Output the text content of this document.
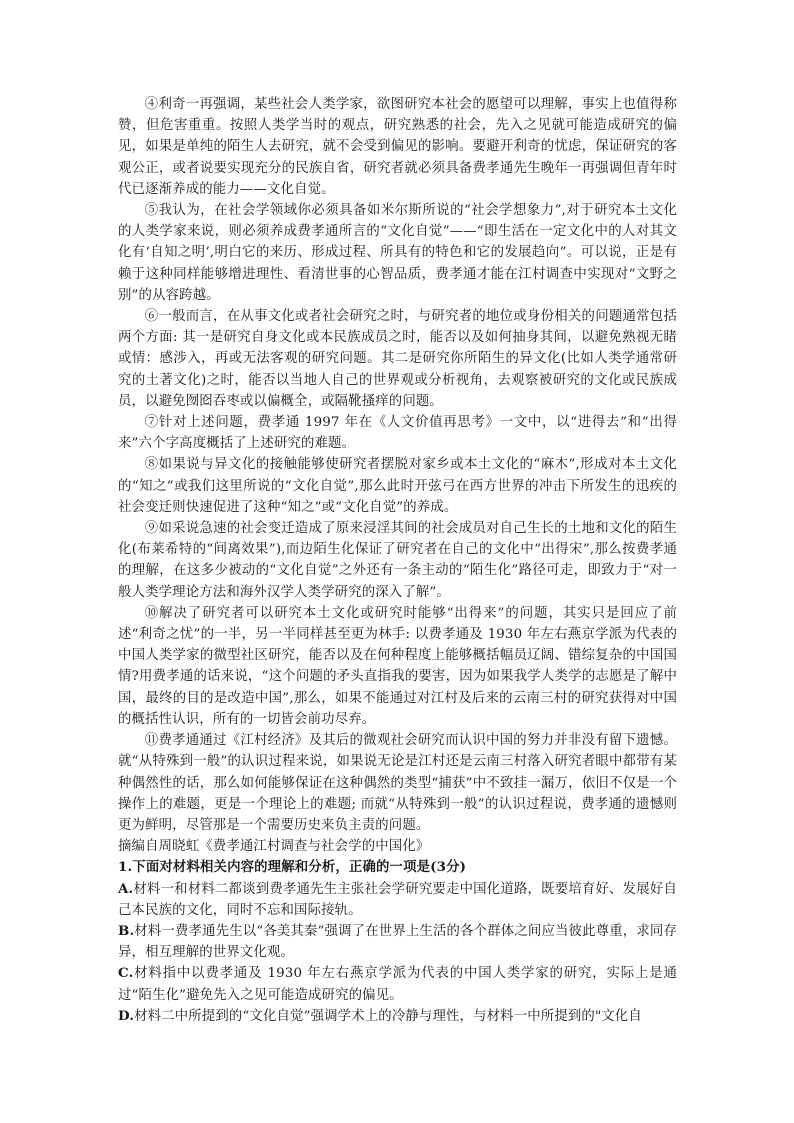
④利奇一再强调，某些社会人类学家，欲图研究本社会的愿望可以理解，事实上也值得称赞，但危害重重。按照人类学当时的观点，研究熟悉的社会，先入之见就可能造成研究的偏见，如果是单纯的陌生人去研究，就不会受到偏见的影响。要避开利奇的忧虑，保证研究的客观公正，或者说要实现充分的民族自省，研究者就必须具备费孝通先生晚年一再强调但青年时代已逐渐养成的能力——文化自觉。

⑤我认为，在社会学领域你必须具备如米尔斯所说的“社会学想象力”,对于研究本土文化的人类学家来说，则必须养成费孝通所言的“文化自觉”——“即生活在一定文化中的人对其文化有‘自知之明’,明白它的来历、形成过程、所具有的特色和它的发展趋向”。可以说，正是有赖于这种同样能够增进理性、看清世事的心智品质，费孝通才能在江村调查中实现对“文野之别”的从容跨越。

⑥一般而言，在从事文化或者社会研究之时，与研究者的地位或身份相关的问题通常包括两个方面: 其一是研究自身文化或本民族成员之时，能否以及如何抽身其间，以避免熟视无睹或情：感涉入，再或无法客观的研究问题。其二是研究你所陌生的异文化(比如人类学通常研究的土著文化)之时，能否以当地人自己的世界观或分析视角，去观察被研究的文化或民族成员，以避免囫囵吞枣或以偏概全，或隔靴搔痒的问题。

⑦针对上述问题，费孝通 1997 年在《人文价值再思考》一文中，以“进得去”和“出得来”六个字高度概括了上述研究的难题。

⑧如果说与异文化的接触能够使研究者摆脱对家乡或本土文化的“麻木”,形成对本土文化的“知之”或我们这里所说的“文化自觉”,那么此时开弦弓在西方世界的冲击下所发生的迅疾的社会变迁则快速促进了这种“知之”或“文化自觉”的养成。

⑨如采说急速的社会变迁造成了原来浸淫其间的社会成员对自己生长的土地和文化的陌生化(布莱希特的“间离效果”),而边陌生化保证了研究者在自己的文化中“出得宋”,那么按费孝通的理解，在这多少被动的“文化自觉”之外还有一条主动的“陌生化”路径可走，即致力于“对一般人类学理论方法和海外汉学人类学研究的深入了解”。

⑩解决了研究者可以研究本土文化或研究时能够“出得来”的问题，其实只是回应了前述“利奇之忧”的一半，另一半同样甚至更为林手: 以费孝通及 1930 年左右燕京学派为代表的中国人类学家的微型社区研究，能否以及在何种程度上能够概括幅员辽阔、错综复杂的中国国情?用费孝通的话来说，“这个问题的矛头直指我的要害，因为如果我学人类学的志愿是了解中国，最终的目的是改造中国”,那么，如果不能通过对江村及后来的云南三村的研究获得对中国的概括性认识，所有的一切皆会前功尽弃。

⑪费孝通通过《江村经济》及其后的微观社会研究而认识中国的努力并非没有留下遗憾。就“从特殊到一般”的认识过程来说，如果说无论是江村还是云南三村落入研究者眼中都带有某种偶然性的话，那么如何能够保证在这种偶然的类型“捕获”中不致挂一漏万，依旧不仅是一个操作上的难题，更是一个理论上的难题; 而就“从特殊到一般”的认识过程说，费孝通的遗憾则更为鲜明，尽管那是一个需要历史来负主责的问题。

摘编自周晓虹《费孝通江村调查与社会学的中国化》

1.下面对材料相关内容的理解和分析，正确的一项是(3分)

A.材料一和材料二都谈到费孝通先生主张社会学研究要走中国化道路，既要培育好、发展好自己本民族的文化，同时不忘和国际接轨。

B.材料一费孝通先生以“各美其秦”强调了在世界上生活的各个群体之间应当彼此尊重，求同存异，相互理解的世界文化观。

C.材料指中以费孝通及 1930 年左右燕京学派为代表的中国人类学家的研究，实际上是通过“陌生化”避免先入之见可能造成研究的偏见。

D.材料二中所提到的“文化自觉”强调学术上的冷静与理性，与材料一中所提到的"文化自
